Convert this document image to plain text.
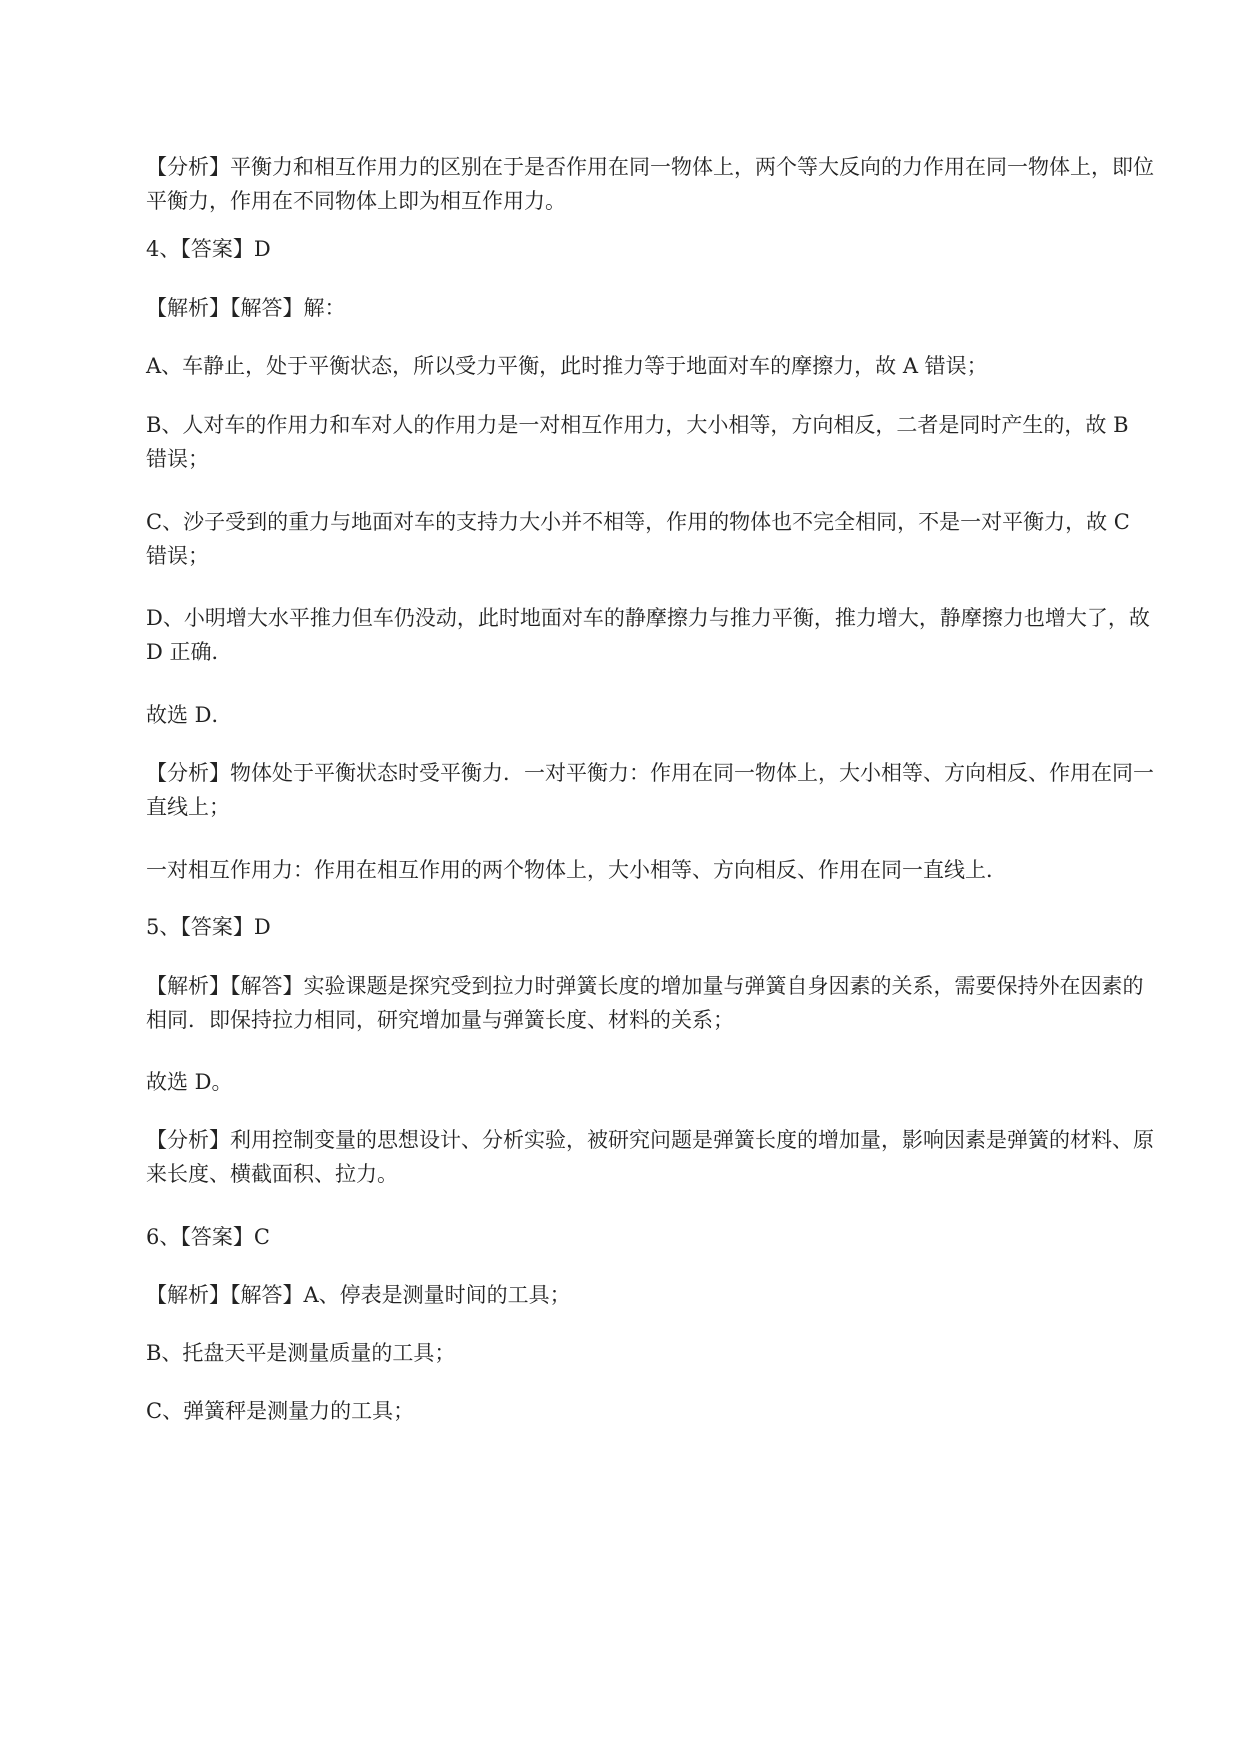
【分析】平衡力和相互作用力的区别在于是否作用在同一物体上，两个等大反向的力作用在同一物体上，即位平衡力，作用在不同物体上即为相互作用力。

4、【答案】D

【解析】【解答】解：

A、车静止，处于平衡状态，所以受力平衡，此时推力等于地面对车的摩擦力，故 A 错误；

B、人对车的作用力和车对人的作用力是一对相互作用力，大小相等，方向相反，二者是同时产生的，故 B 错误；

C、沙子受到的重力与地面对车的支持力大小并不相等，作用的物体也不完全相同，不是一对平衡力，故 C 错误；

D、小明增大水平推力但车仍没动，此时地面对车的静摩擦力与推力平衡，推力增大，静摩擦力也增大了，故 D 正确．

故选 D．

【分析】物体处于平衡状态时受平衡力．一对平衡力：作用在同一物体上，大小相等、方向相反、作用在同一直线上；

一对相互作用力：作用在相互作用的两个物体上，大小相等、方向相反、作用在同一直线上．

5、【答案】D

【解析】【解答】实验课题是探究受到拉力时弹簧长度的增加量与弹簧自身因素的关系，需要保持外在因素的相同．即保持拉力相同，研究增加量与弹簧长度、材料的关系；

故选 D。

【分析】利用控制变量的思想设计、分析实验，被研究问题是弹簧长度的增加量，影响因素是弹簧的材料、原来长度、横截面积、拉力。

6、【答案】C

【解析】【解答】A、停表是测量时间的工具；

B、托盘天平是测量质量的工具；

C、弹簧秤是测量力的工具；
